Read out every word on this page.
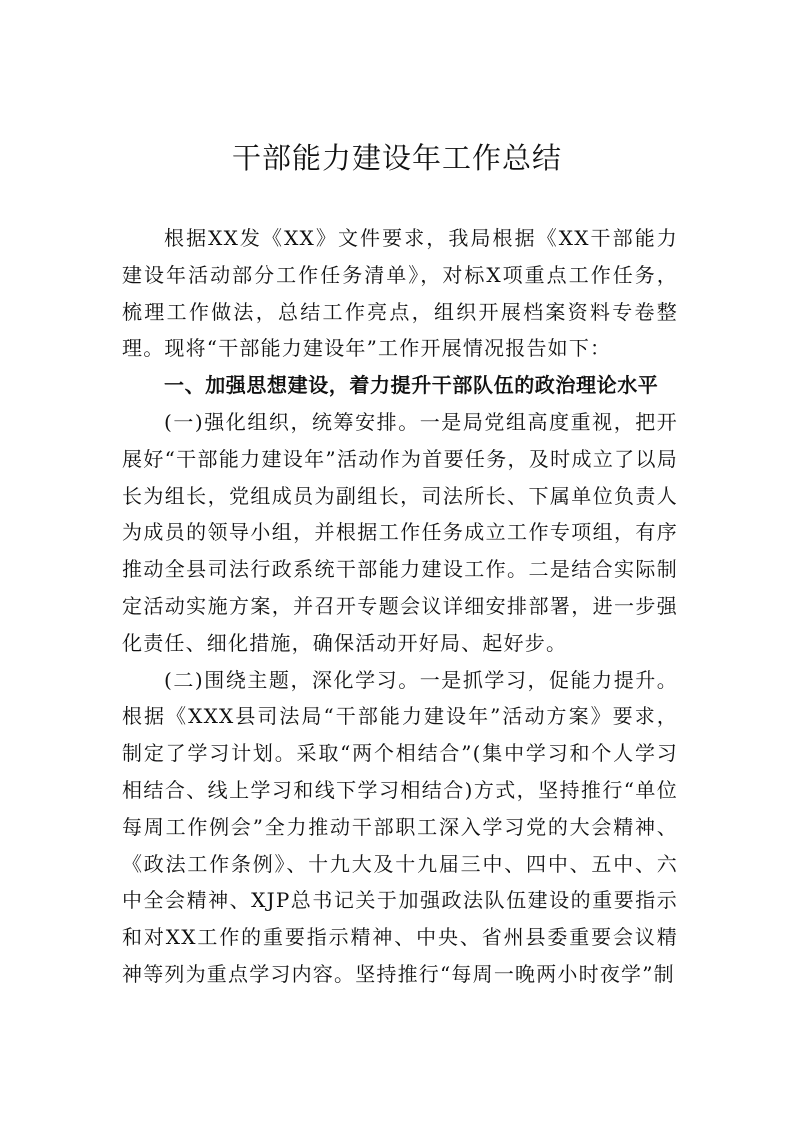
干部能力建设年工作总结

根据XX发《XX》文件要求，我局根据《XX干部能力建设年活动部分工作任务清单》，对标X项重点工作任务，梳理工作做法，总结工作亮点，组织开展档案资料专卷整理。现将“干部能力建设年”工作开展情况报告如下：

一、加强思想建设，着力提升干部队伍的政治理论水平

(一)强化组织，统筹安排。一是局党组高度重视，把开展好“干部能力建设年”活动作为首要任务，及时成立了以局长为组长，党组成员为副组长，司法所长、下属单位负责人为成员的领导小组，并根据工作任务成立工作专项组，有序推动全县司法行政系统干部能力建设工作。二是结合实际制定活动实施方案，并召开专题会议详细安排部署，进一步强化责任、细化措施，确保活动开好局、起好步。

(二)围绕主题，深化学习。一是抓学习，促能力提升。根据《XXX县司法局“干部能力建设年”活动方案》要求，制定了学习计划。采取“两个相结合”(集中学习和个人学习相结合、线上学习和线下学习相结合)方式，坚持推行“单位每周工作例会”全力推动干部职工深入学习党的大会精神、《政法工作条例》、十九大及十九届三中、四中、五中、六中全会精神、XJP总书记关于加强政法队伍建设的重要指示和对XX工作的重要指示精神、中央、省州县委重要会议精神等列为重点学习内容。坚持推行“每周一晚两小时夜学”制
